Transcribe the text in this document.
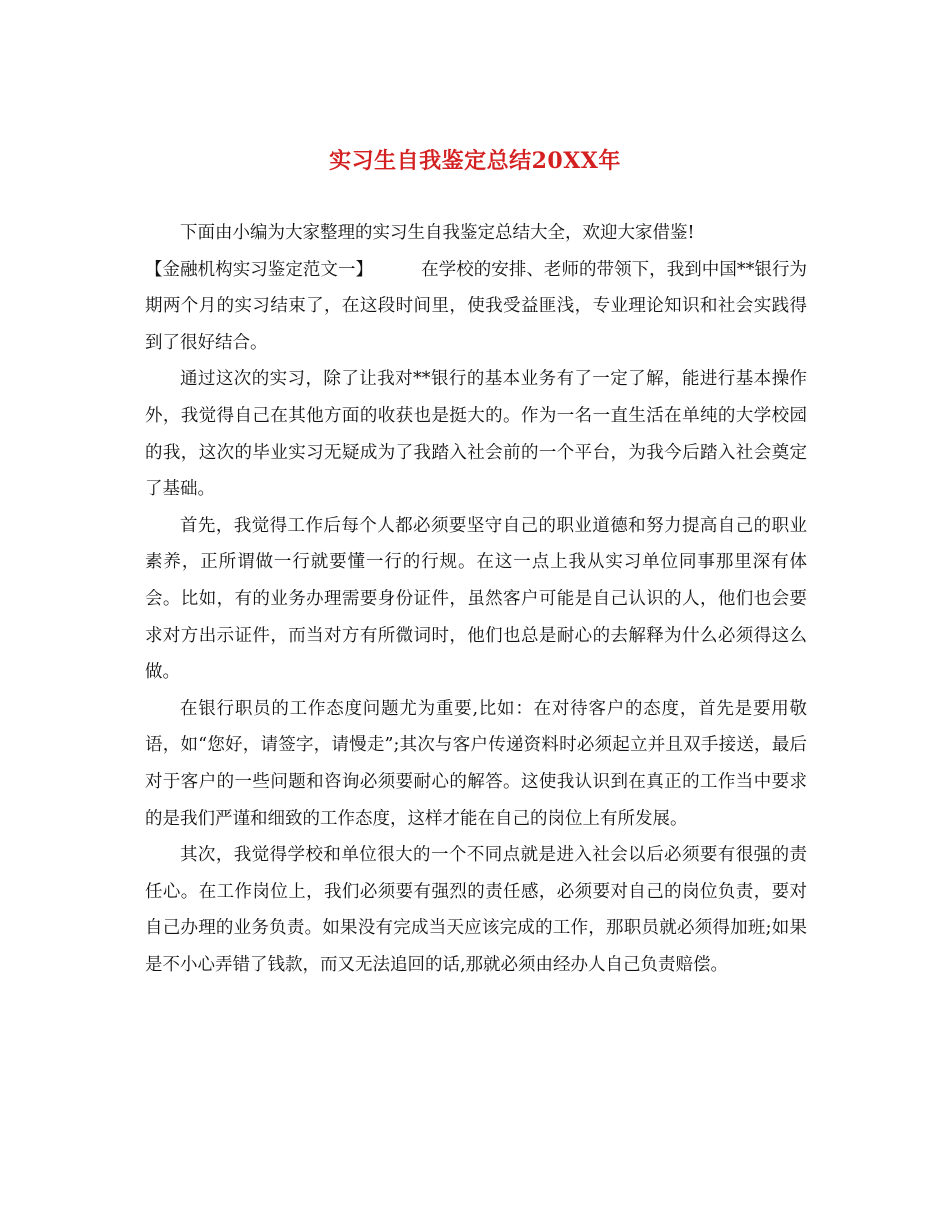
实习生自我鉴定总结20XX年

下面由小编为大家整理的实习生自我鉴定总结大全，欢迎大家借鉴!

【金融机构实习鉴定范文一】	在学校的安排、老师的带领下，我到中国**银行为期两个月的实习结束了，在这段时间里，使我受益匪浅，专业理论知识和社会实践得到了很好结合。

通过这次的实习，除了让我对**银行的基本业务有了一定了解，能进行基本操作外，我觉得自己在其他方面的收获也是挺大的。作为一名一直生活在单纯的大学校园的我，这次的毕业实习无疑成为了我踏入社会前的一个平台，为我今后踏入社会奠定了基础。

首先，我觉得工作后每个人都必须要坚守自己的职业道德和努力提高自己的职业素养，正所谓做一行就要懂一行的行规。在这一点上我从实习单位同事那里深有体会。比如，有的业务办理需要身份证件，虽然客户可能是自己认识的人，他们也会要求对方出示证件，而当对方有所微词时，他们也总是耐心的去解释为什么必须得这么做。

在银行职员的工作态度问题尤为重要,比如：在对待客户的态度，首先是要用敬语，如“您好，请签字，请慢走”;其次与客户传递资料时必须起立并且双手接送，最后对于客户的一些问题和咨询必须要耐心的解答。这使我认识到在真正的工作当中要求的是我们严谨和细致的工作态度，这样才能在自己的岗位上有所发展。

其次，我觉得学校和单位很大的一个不同点就是进入社会以后必须要有很强的责任心。在工作岗位上，我们必须要有强烈的责任感，必须要对自己的岗位负责，要对自己办理的业务负责。如果没有完成当天应该完成的工作，那职员就必须得加班;如果是不小心弄错了钱款，而又无法追回的话,那就必须由经办人自己负责赔偿。
